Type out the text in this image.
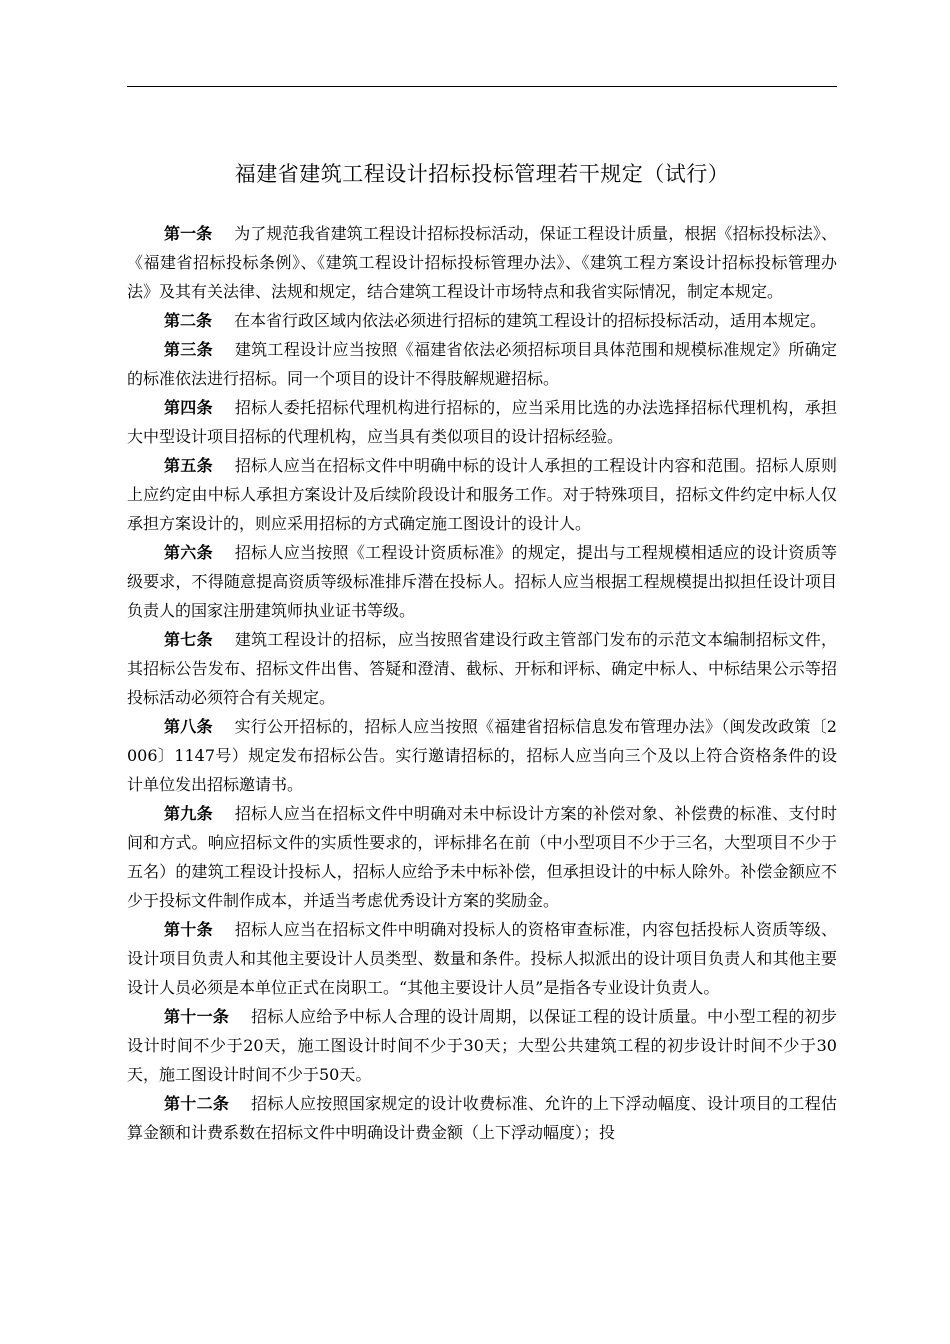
福建省建筑工程设计招标投标管理若干规定（试行）

第一条 为了规范我省建筑工程设计招标投标活动，保证工程设计质量，根据《招标投标法》、《福建省招标投标条例》、《建筑工程设计招标投标管理办法》、《建筑工程方案设计招标投标管理办法》及其有关法律、法规和规定，结合建筑工程设计市场特点和我省实际情况，制定本规定。

第二条 在本省行政区域内依法必须进行招标的建筑工程设计的招标投标活动，适用本规定。

第三条 建筑工程设计应当按照《福建省依法必须招标项目具体范围和规模标准规定》所确定的标准依法进行招标。同一个项目的设计不得肢解规避招标。

第四条 招标人委托招标代理机构进行招标的，应当采用比选的办法选择招标代理机构，承担大中型设计项目招标的代理机构，应当具有类似项目的设计招标经验。

第五条 招标人应当在招标文件中明确中标的设计人承担的工程设计内容和范围。招标人原则上应约定由中标人承担方案设计及后续阶段设计和服务工作。对于特殊项目，招标文件约定中标人仅承担方案设计的，则应采用招标的方式确定施工图设计的设计人。

第六条 招标人应当按照《工程设计资质标准》的规定，提出与工程规模相适应的设计资质等级要求，不得随意提高资质等级标准排斥潜在投标人。招标人应当根据工程规模提出拟担任设计项目负责人的国家注册建筑师执业证书等级。

第七条 建筑工程设计的招标，应当按照省建设行政主管部门发布的示范文本编制招标文件，其招标公告发布、招标文件出售、答疑和澄清、截标、开标和评标、确定中标人、中标结果公示等招投标活动必须符合有关规定。

第八条 实行公开招标的，招标人应当按照《福建省招标信息发布管理办法》（闽发改政策〔2006〕1147号）规定发布招标公告。实行邀请招标的，招标人应当向三个及以上符合资格条件的设计单位发出招标邀请书。

第九条 招标人应当在招标文件中明确对未中标设计方案的补偿对象、补偿费的标准、支付时间和方式。响应招标文件的实质性要求的，评标排名在前（中小型项目不少于三名，大型项目不少于五名）的建筑工程设计投标人，招标人应给予未中标补偿，但承担设计的中标人除外。补偿金额应不少于投标文件制作成本，并适当考虑优秀设计方案的奖励金。

第十条 招标人应当在招标文件中明确对投标人的资格审查标准，内容包括投标人资质等级、设计项目负责人和其他主要设计人员类型、数量和条件。投标人拟派出的设计项目负责人和其他主要设计人员必须是本单位正式在岗职工。“其他主要设计人员”是指各专业设计负责人。

第十一条 招标人应给予中标人合理的设计周期，以保证工程的设计质量。中小型工程的初步设计时间不少于20天，施工图设计时间不少于30天；大型公共建筑工程的初步设计时间不少于30天，施工图设计时间不少于50天。

第十二条 招标人应按照国家规定的设计收费标准、允许的上下浮动幅度、设计项目的工程估算金额和计费系数在招标文件中明确设计费金额（上下浮动幅度）；投
